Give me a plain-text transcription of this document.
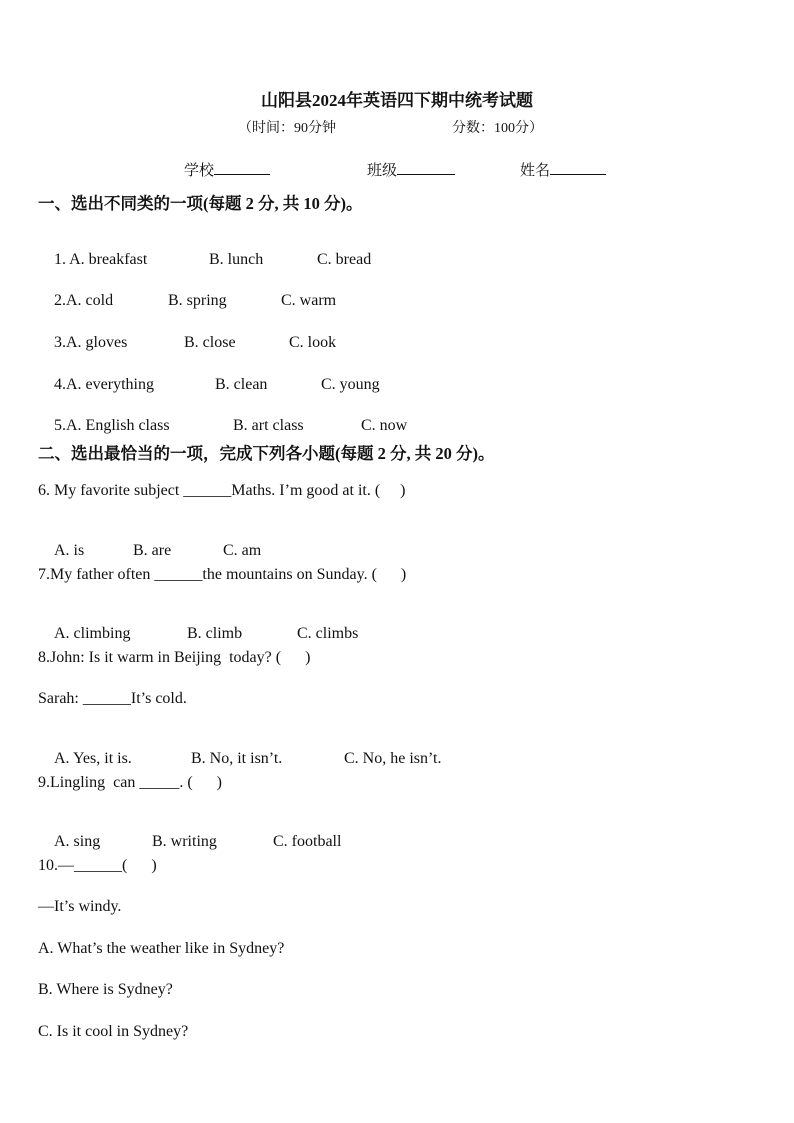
山阳县2024年英语四下期中统考试题
（时间：90分钟	分数：100分）
学校	班级	姓名
一、选出不同类的一项(每题 2 分, 共 10 分)。

1. A. breakfast	B. lunch	C. bread

2.A. cold	B. spring	C. warm

3.A. gloves	B. close	C. look

4.A. everything	B. clean	C. young

5.A. English class	B. art class	C. now

二、选出最恰当的一项，完成下列各小题(每题 2 分, 共 20 分)。
6. My favorite subject ______Maths. I’m good at it. (     )

A. is	B. are	C. am

7.My father often ______the mountains on Sunday. (      )

A. climbing	B. climb	C. climbs

8.John: Is it warm in Beijing  today? (      )
Sarah: ______It’s cold.

A. Yes, it is.	B. No, it isn’t.	C. No, he isn’t.

9.Lingling  can _____. (      )

A. sing	B. writing	C. football

10.—______(      )
—It’s windy.
A. What’s the weather like in Sydney?
B. Where is Sydney?
C. Is it cool in Sydney?
